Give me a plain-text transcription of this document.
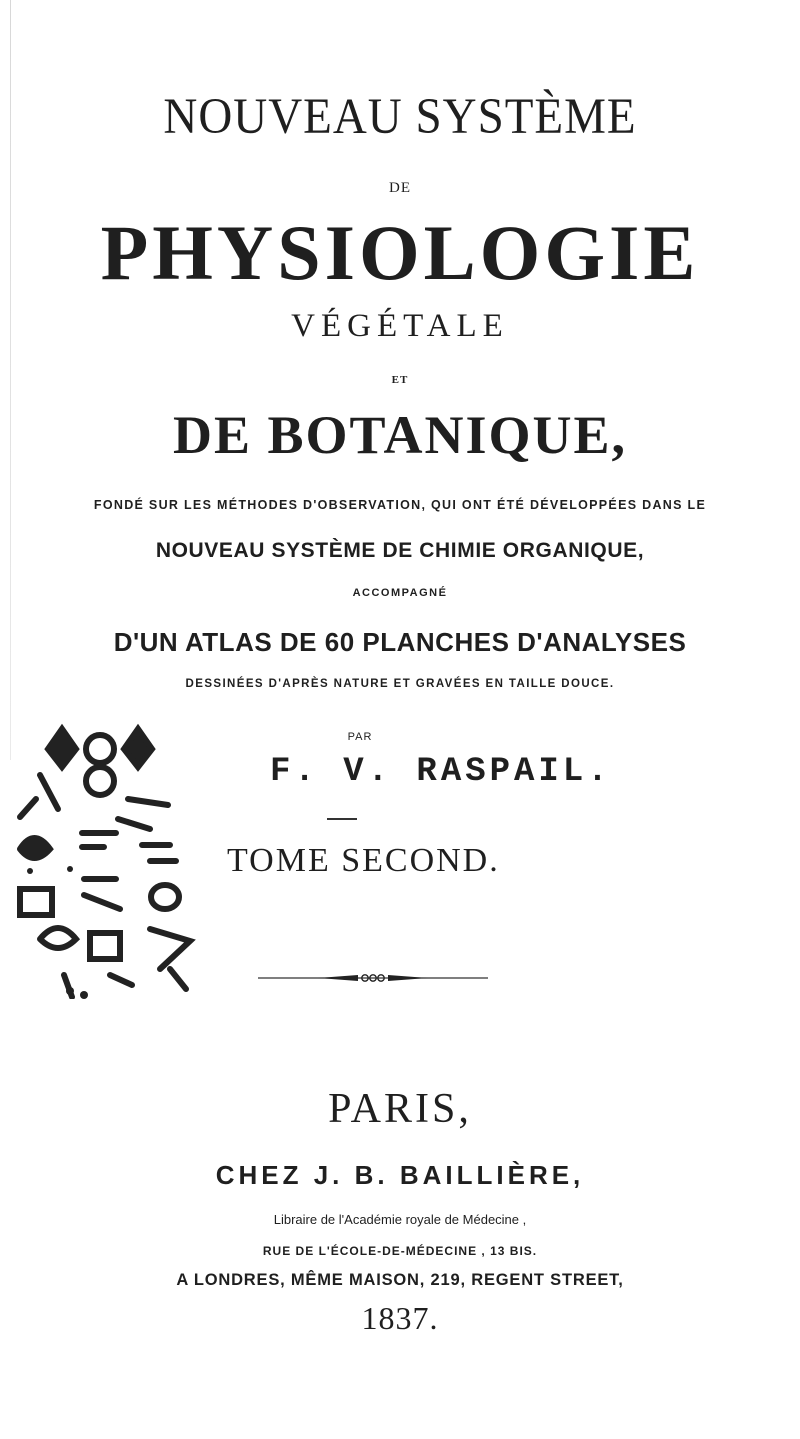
NOUVEAU SYSTÈME
DE
PHYSIOLOGIE
VÉGÉTALE
ET
DE BOTANIQUE,
FONDÉ SUR LES MÉTHODES D'OBSERVATION, QUI ONT ÉTÉ DÉVELOPPÉES DANS LE
NOUVEAU SYSTÈME DE CHIMIE ORGANIQUE,
ACCOMPAGNÉ
D'UN ATLAS DE 60 PLANCHES D'ANALYSES
DESSINÉES D'APRÈS NATURE ET GRAVÉES EN TAILLE DOUCE.
PAR
F. V. RASPAIL.
TOME SECOND.
PARIS,
CHEZ J. B. BAILLIÈRE,
Libraire de l'Académie royale de Médecine ,
RUE DE L'ÉCOLE-DE-MÉDECINE , 13 BIS.
A LONDRES, MÊME MAISON, 219, REGENT STREET,
1837.
